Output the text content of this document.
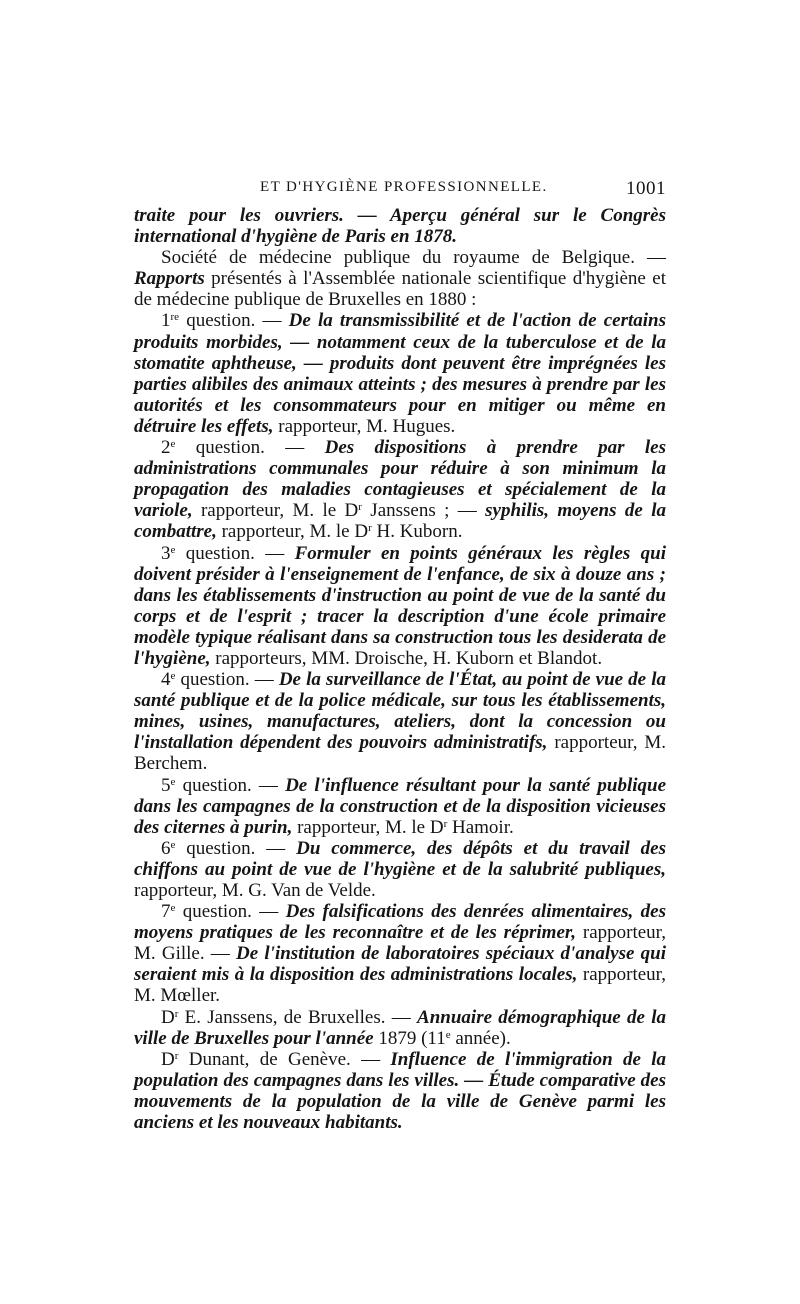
ET D'HYGIÈNE PROFESSIONNELLE.	1001

traite pour les ouvriers. — Aperçu général sur le Congrès international d'hygiène de Paris en 1878.

Société de médecine publique du royaume de Belgique. — Rapports présentés à l'Assemblée nationale scientifique d'hygiène et de médecine publique de Bruxelles en 1880 :

1re question. — De la transmissibilité et de l'action de certains produits morbides, — notamment ceux de la tuberculose et de la stomatite aphtheuse, — produits dont peuvent être imprégnées les parties alibiles des animaux atteints ; des mesures à prendre par les autorités et les consommateurs pour en mitiger ou même en détruire les effets, rapporteur, M. Hugues.

2e question. — Des dispositions à prendre par les administrations communales pour réduire à son minimum la propagation des maladies contagieuses et spécialement de la variole, rapporteur, M. le $D^r$ Janssens ; — syphilis, moyens de la combattre, rapporteur, M. le $D^r$ H. Kuborn.

3e question. — Formuler en points généraux les règles qui doivent présider à l'enseignement de l'enfance, de six à douze ans ; dans les établissements d'instruction au point de vue de la santé du corps et de l'esprit ; tracer la description d'une école primaire modèle typique réalisant dans sa construction tous les desiderata de l'hygiène, rapporteurs, MM. Droische, H. Kuborn et Blandot.

4e question. — De la surveillance de l'État, au point de vue de la santé publique et de la police médicale, sur tous les établissements, mines, usines, manufactures, ateliers, dont la concession ou l'installation dépendent des pouvoirs administratifs, rapporteur, M. Berchem.

5e question. — De l'influence résultant pour la santé publique dans les campagnes de la construction et de la disposition vicieuses des citernes à purin, rapporteur, M. le $D^r$ Hamoir.

6e question. — Du commerce, des dépôts et du travail des chiffons au point de vue de l'hygiène et de la salubrité publiques, rapporteur, M. G. Van de Velde.

7e question. — Des falsifications des denrées alimentaires, des moyens pratiques de les reconnaître et de les réprimer, rapporteur, M. Gille. — De l'institution de laboratoires spéciaux d'analyse qui seraient mis à la disposition des administrations locales, rapporteur, M. Mœller.

$D^r$ E. Janssens, de Bruxelles. — Annuaire démographique de la ville de Bruxelles pour l'année 1879 (11e année).

$D^r$ Dunant, de Genève. — Influence de l'immigration de la population des campagnes dans les villes. — Étude comparative des mouvements de la population de la ville de Genève parmi les anciens et les nouveaux habitants.
